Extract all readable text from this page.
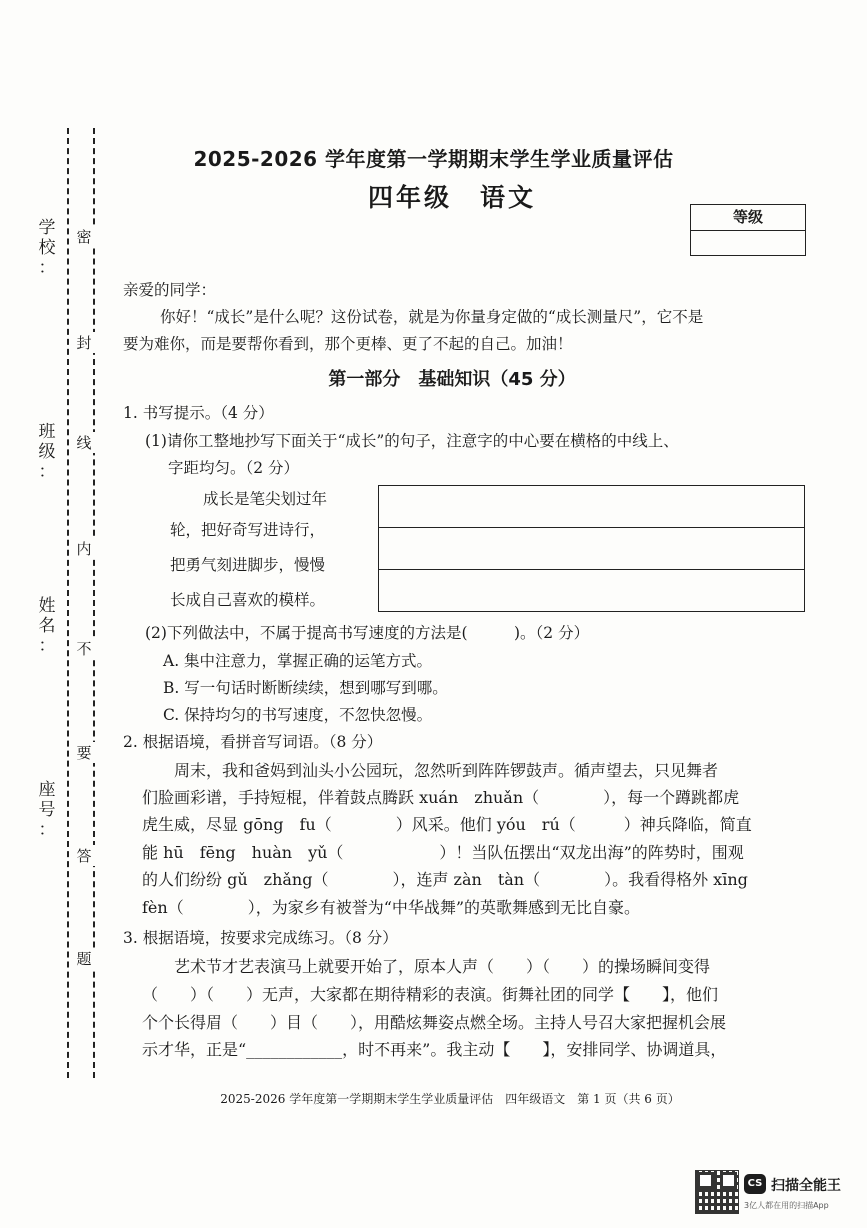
学校
：
班级
：
姓名
：
座号
：
密
封
线
内
不
要
答
题
2025-2026 学年度第一学期期末学生学业质量评估
四年级　语文
等级
亲爱的同学：
你好！“成长”是什么呢？这份试卷，就是为你量身定做的“成长测量尺”，它不是
要为难你，而是要帮你看到，那个更棒、更了不起的自己。加油！
第一部分　基础知识（45 分）
1. 书写提示。（4 分）
(1)请你工整地抄写下面关于“成长”的句子，注意字的中心要在横格的中线上、
字距均匀。（2 分）
成长是笔尖划过年
轮，把好奇写进诗行，
把勇气刻进脚步，慢慢
长成自己喜欢的模样。
(2)下列做法中，不属于提高书写速度的方法是(　　　)。（2 分）
A. 集中注意力，掌握正确的运笔方式。
B. 写一句话时断断续续，想到哪写到哪。
C. 保持均匀的书写速度，不忽快忽慢。
2. 根据语境，看拼音写词语。（8 分）
周末，我和爸妈到汕头小公园玩，忽然听到阵阵锣鼓声。循声望去，只见舞者
们脸画彩谱，手持短棍，伴着鼓点腾跃 xuán　zhuǎn（　　　　），每一个蹲跳都虎
虎生威，尽显 gōng　fu（　　　　）风采。他们 yóu　rú（　　　）神兵降临，简直
能 hū　fēng　huàn　yǔ（　　　　　　）！当队伍摆出“双龙出海”的阵势时，围观
的人们纷纷 gǔ　zhǎng（　　　　），连声 zàn　tàn（　　　　）。我看得格外 xīng
fèn（　　　　），为家乡有被誉为“中华战舞”的英歌舞感到无比自豪。
3. 根据语境，按要求完成练习。（8 分）
艺术节才艺表演马上就要开始了，原本人声（　　）（　　）的操场瞬间变得
（　　）（　　）无声，大家都在期待精彩的表演。街舞社团的同学【　　】，他们
个个长得眉（　　）目（　　），用酷炫舞姿点燃全场。主持人号召大家把握机会展
示才华，正是“____________，时不再来”。我主动【　　】，安排同学、协调道具，
2025-2026 学年度第一学期期末学生学业质量评估　四年级语文　第 1 页（共 6 页）
CS 扫描全能王
3亿人都在用的扫描App
